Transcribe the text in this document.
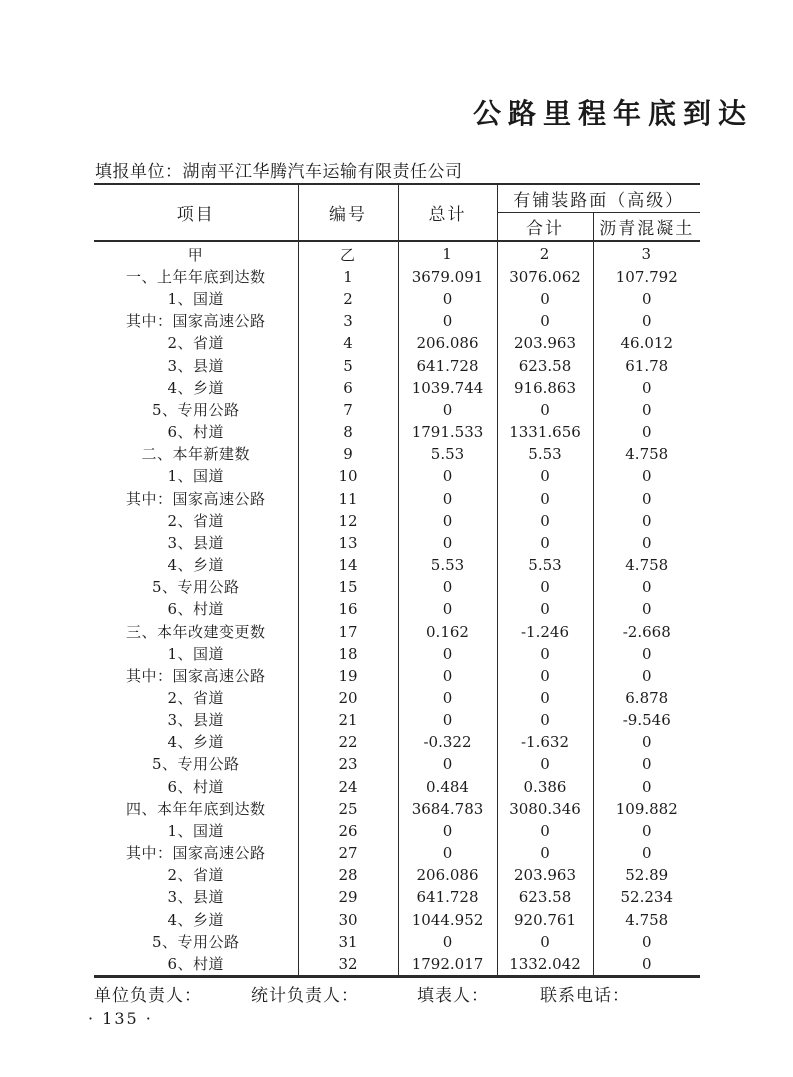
公路里程年底到达
填报单位：湖南平江华腾汽车运输有限责任公司
项目	编号	总计	有铺装路面（高级）	
			合计	沥青混凝土
甲	乙	1	2	3
一、上年年底到达数	1	3679.091	3076.062	107.792
1、国道	2	0	0	0
其中：国家高速公路	3	0	0	0
2、省道	4	206.086	203.963	46.012
3、县道	5	641.728	623.58	61.78
4、乡道	6	1039.744	916.863	0
5、专用公路	7	0	0	0
6、村道	8	1791.533	1331.656	0
二、本年新建数	9	5.53	5.53	4.758
1、国道	10	0	0	0
其中：国家高速公路	11	0	0	0
2、省道	12	0	0	0
3、县道	13	0	0	0
4、乡道	14	5.53	5.53	4.758
5、专用公路	15	0	0	0
6、村道	16	0	0	0
三、本年改建变更数	17	0.162	-1.246	-2.668
1、国道	18	0	0	0
其中：国家高速公路	19	0	0	0
2、省道	20	0	0	6.878
3、县道	21	0	0	-9.546
4、乡道	22	-0.322	-1.632	0
5、专用公路	23	0	0	0
6、村道	24	0.484	0.386	0
四、本年年底到达数	25	3684.783	3080.346	109.882
1、国道	26	0	0	0
其中：国家高速公路	27	0	0	0
2、省道	28	206.086	203.963	52.89
3、县道	29	641.728	623.58	52.234
4、乡道	30	1044.952	920.761	4.758
5、专用公路	31	0	0	0
6、村道	32	1792.017	1332.042	0
单位负责人：	统计负责人：	填表人：	联系电话：
· 135 ·
